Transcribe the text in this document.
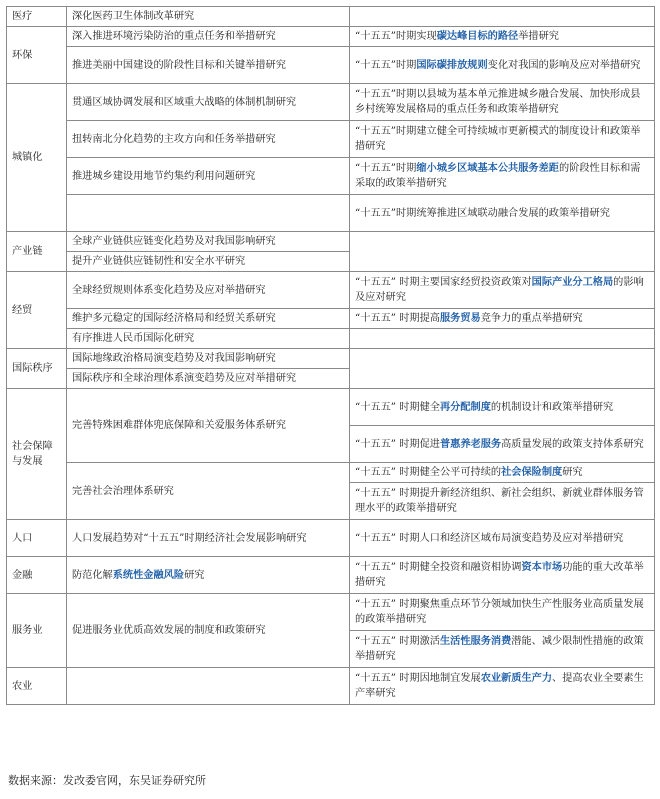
医疗	深化医药卫生体制改革研究	
环保	深入推进环境污染防治的重点任务和举措研究	“十五五”时期实现碳达峰目标的路径举措研究
	推进美丽中国建设的阶段性目标和关键举措研究	“十五五”时期国际碳排放规则变化对我国的影响及应对举措研究
城镇化	贯通区域协调发展和区域重大战略的体制机制研究	“十五五”时期以县城为基本单元推进城乡融合发展、加快形成县乡村统筹发展格局的重点任务和政策举措研究
	扭转南北分化趋势的主攻方向和任务举措研究	“十五五”时期建立健全可持续城市更新模式的制度设计和政策举措研究
	推进城乡建设用地节约集约利用问题研究	“十五五”时期缩小城乡区域基本公共服务差距的阶段性目标和需采取的政策举措研究
		“十五五”时期统筹推进区域联动融合发展的政策举措研究
产业链	全球产业链供应链变化趋势及对我国影响研究	
	提升产业链供应链韧性和安全水平研究	
经贸	全球经贸规则体系变化趋势及应对举措研究	“十五五” 时期主要国家经贸投资政策对国际产业分工格局的影响及应对研究
	维护多元稳定的国际经济格局和经贸关系研究	“十五五” 时期提高服务贸易竞争力的重点举措研究
	有序推进人民币国际化研究	
国际秩序	国际地缘政治格局演变趋势及对我国影响研究	
	国际秩序和全球治理体系演变趋势及应对举措研究	
社会保障与发展	完善特殊困难群体兜底保障和关爱服务体系研究	“十五五” 时期健全再分配制度的机制设计和政策举措研究
		“十五五” 时期促进普惠养老服务高质量发展的政策支持体系研究
	完善社会治理体系研究	“十五五” 时期健全公平可持续的社会保险制度研究
		“十五五” 时期提升新经济组织、新社会组织、新就业群体服务管理水平的政策举措研究
人口	人口发展趋势对“十五五”时期经济社会发展影响研究	“十五五” 时期人口和经济区域布局演变趋势及应对举措研究
金融	防范化解系统性金融风险研究	“十五五” 时期健全投资和融资相协调资本市场功能的重大改革举措研究
服务业	促进服务业优质高效发展的制度和政策研究	“十五五” 时期聚焦重点环节分领域加快生产性服务业高质量发展的政策举措研究
		“十五五” 时期激活生活性服务消费潜能、减少限制性措施的政策举措研究
农业		“十五五” 时期因地制宜发展农业新质生产力、提高农业全要素生产率研究
数据来源：发改委官网，东吴证券研究所
